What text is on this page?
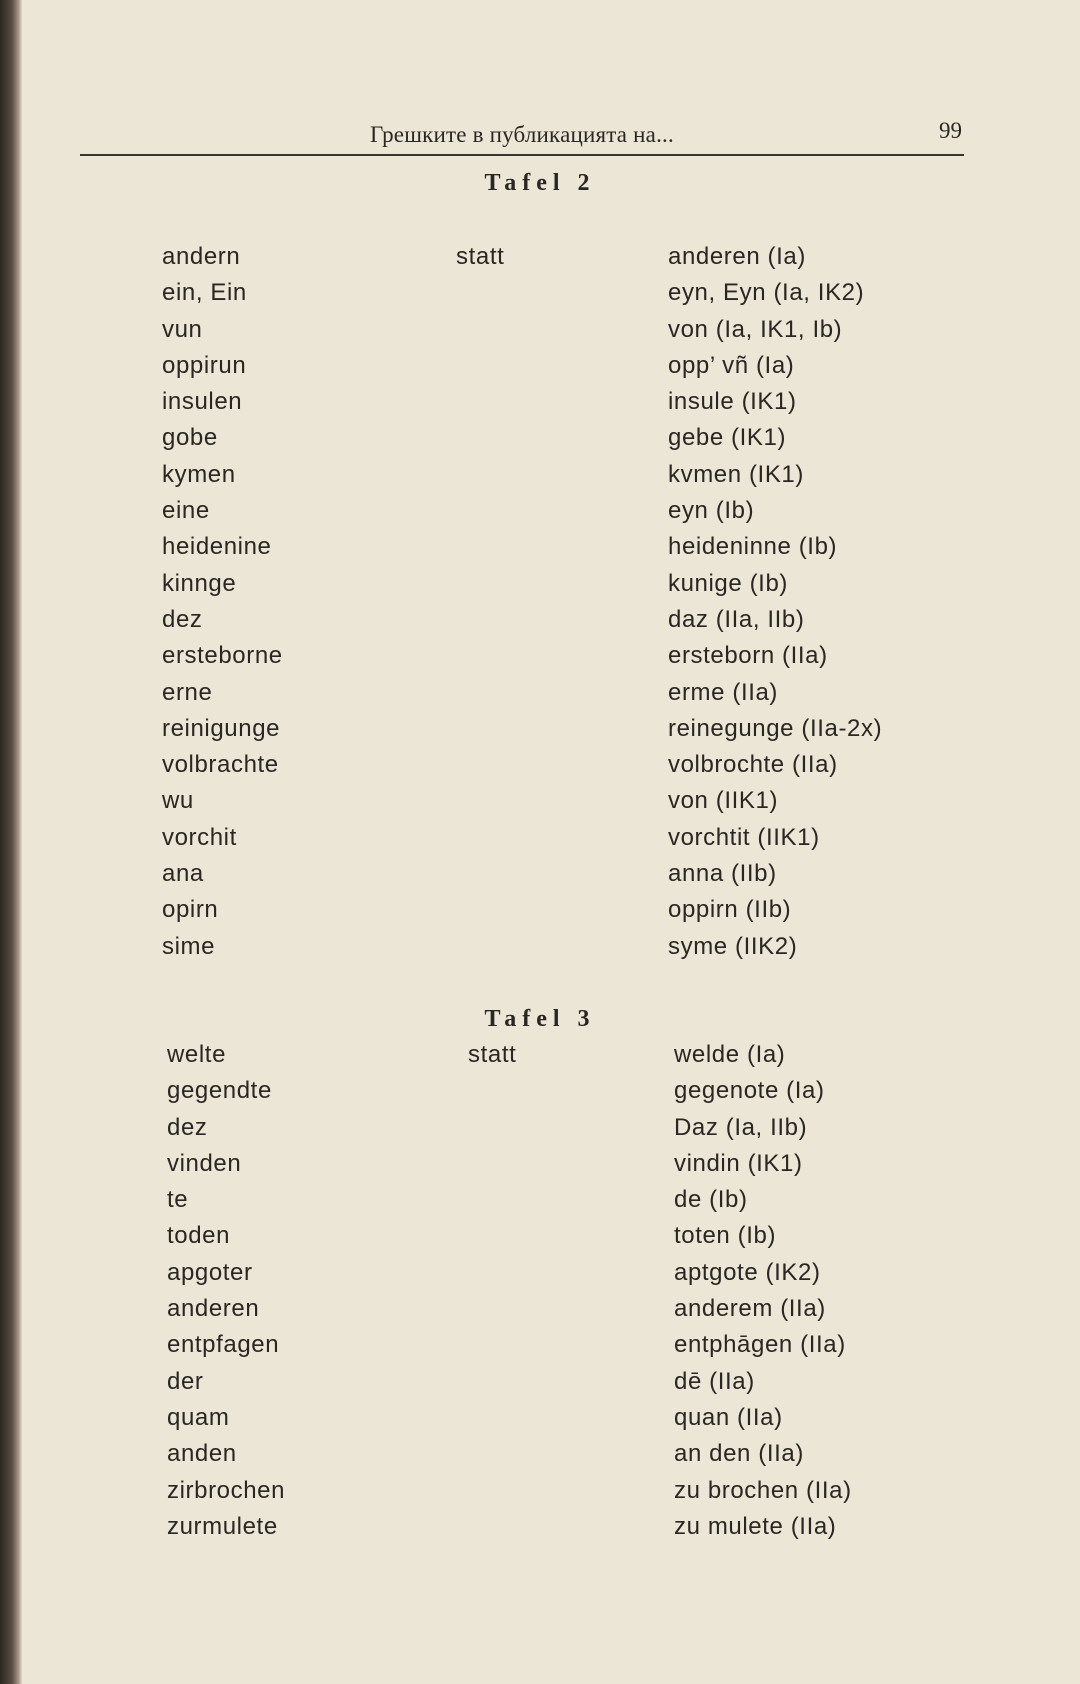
Грешките в публикацията на...	99
Tafel 2
andern	statt	anderen (Ia)
ein, Ein	eyn, Eyn (Ia, IK2)
vun	von (Ia, IK1, Ib)
oppirun	opp’ vñ (Ia)
insulen	insule (IK1)
gobe	gebe (IK1)
kymen	kvmen (IK1)
eine	eyn (Ib)
heidenine	heideninne (Ib)
kinnge	kunige (Ib)
dez	daz (IIa, IIb)
ersteborne	ersteborn (IIa)
erne	erme (IIa)
reinigunge	reinegunge (IIa-2x)
volbrachte	volbrochte (IIa)
wu	von (IIK1)
vorchit	vorchtit (IIK1)
ana	anna (IIb)
opirn	oppirn (IIb)
sime	syme (IIK2)
Tafel 3
welte	statt	welde (Ia)
gegendte	gegenote (Ia)
dez	Daz (Ia, IIb)
vinden	vindin (IK1)
te	de (Ib)
toden	toten (Ib)
apgoter	aptgote (IK2)
anderen	anderem (IIa)
entpfagen	entphāgen (IIa)
der	dē (IIa)
quam	quan (IIa)
anden	an den (IIa)
zirbrochen	zu brochen (IIa)
zurmulete	zu mulete (IIa)
